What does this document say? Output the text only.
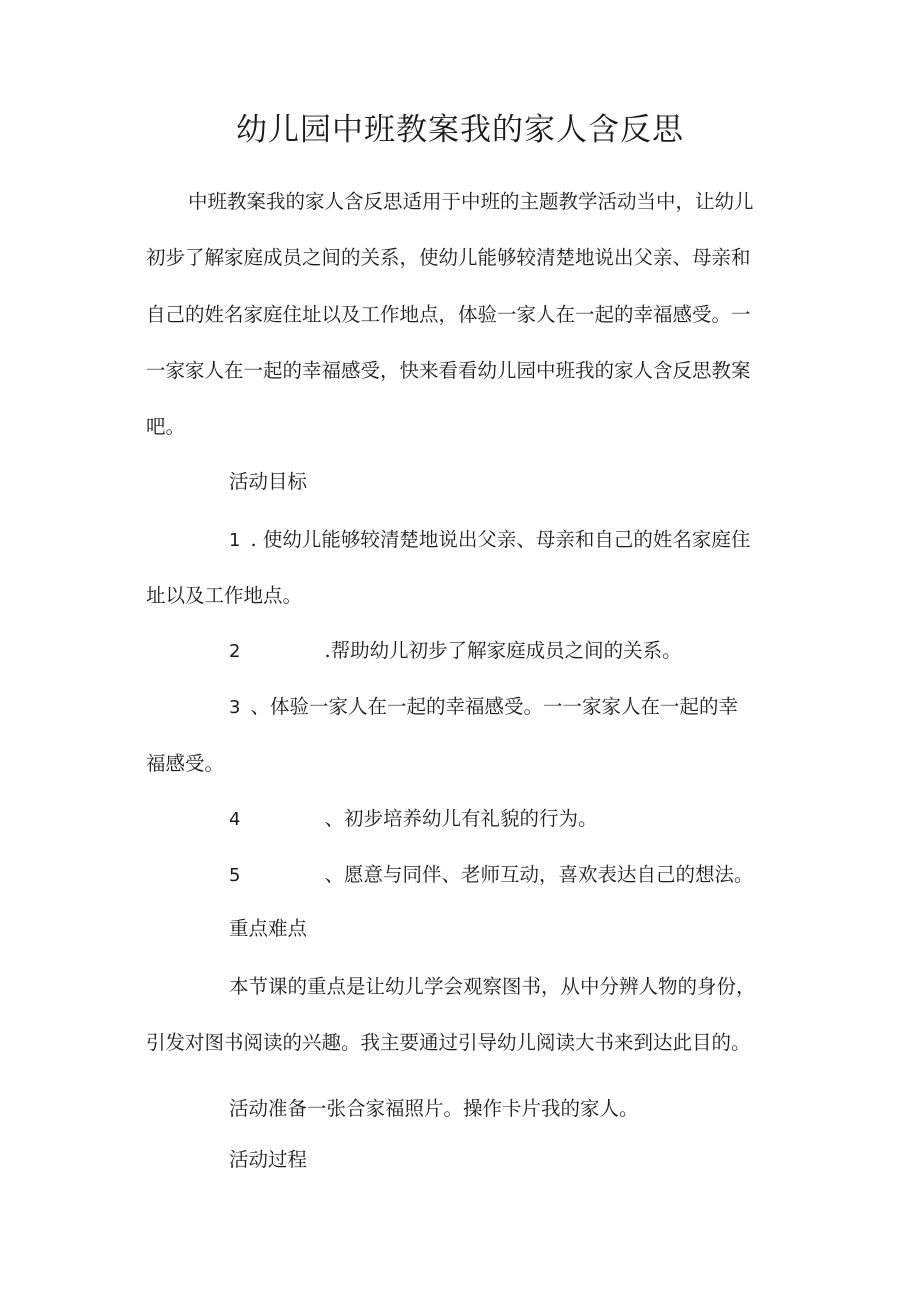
幼儿园中班教案我的家人含反思

中班教案我的家人含反思适用于中班的主题教学活动当中，让幼儿

初步了解家庭成员之间的关系，使幼儿能够较清楚地说出父亲、母亲和

自己的姓名家庭住址以及工作地点，体验一家人在一起的幸福感受。一

一家家人在一起的幸福感受，快来看看幼儿园中班我的家人含反思教案

吧。

活动目标

1 . 使幼儿能够较清楚地说出父亲、母亲和自己的姓名家庭住

址以及工作地点。

2	.帮助幼儿初步了解家庭成员之间的关系。

3 、体验一家人在一起的幸福感受。一一家家人在一起的幸

福感受。

4	、初步培养幼儿有礼貌的行为。

5	、愿意与同伴、老师互动，喜欢表达自己的想法。

重点难点

本节课的重点是让幼儿学会观察图书，从中分辨人物的身份，

引发对图书阅读的兴趣。我主要通过引导幼儿阅读大书来到达此目的。

活动准备一张合家福照片。操作卡片我的家人。

活动过程
